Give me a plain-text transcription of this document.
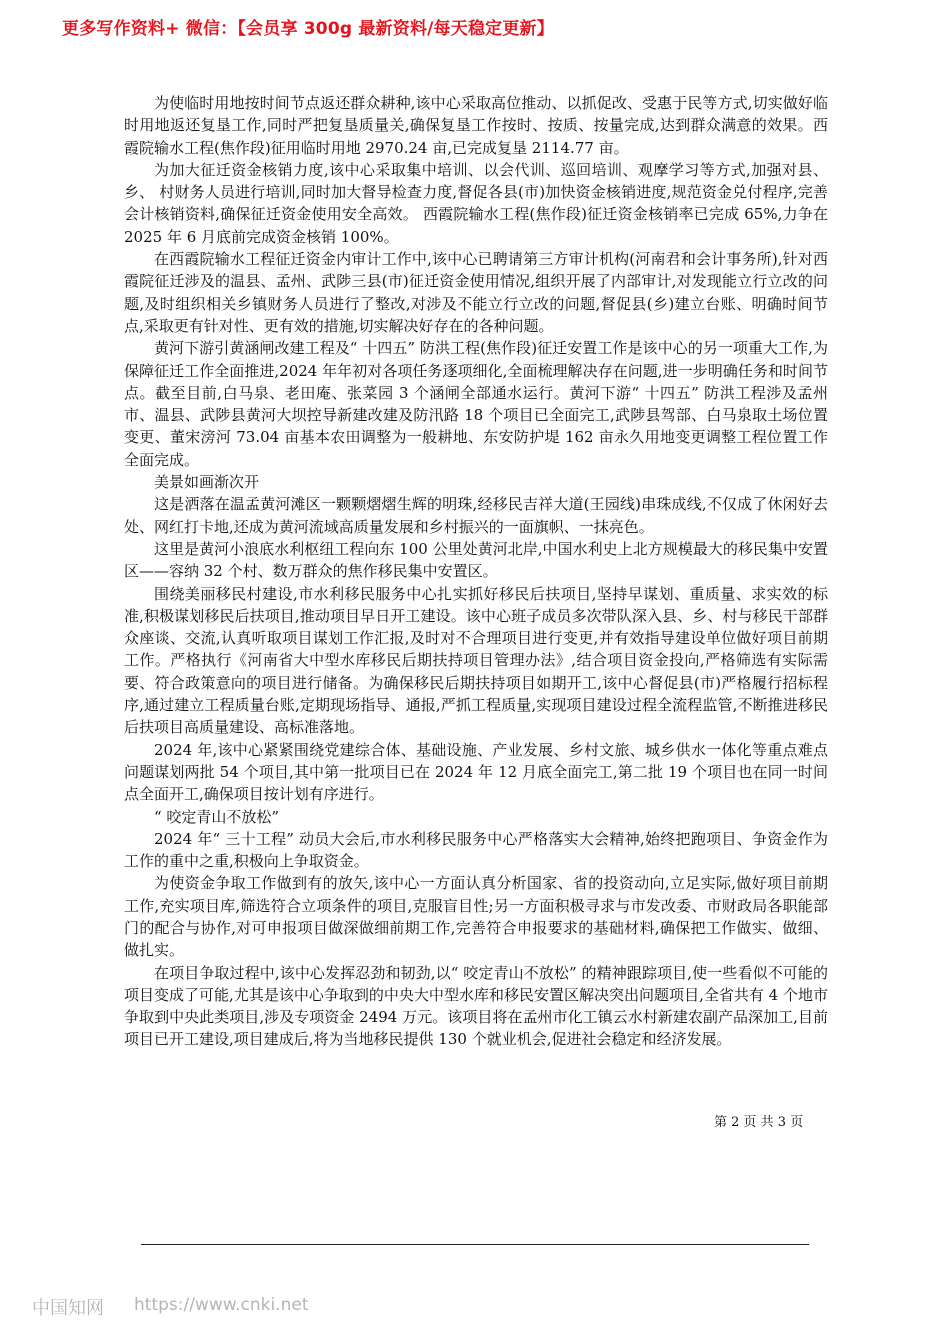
更多写作资料+ 微信：【会员享 300g 最新资料/每天稳定更新】

为使临时用地按时间节点返还群众耕种,该中心采取高位推动、以抓促改、受惠于民等方式,切实做好临时用地返还复垦工作,同时严把复垦质量关,确保复垦工作按时、按质、按量完成,达到群众满意的效果。西霞院输水工程(焦作段)征用临时用地 2970.24 亩,已完成复垦 2114.77 亩。

为加大征迁资金核销力度,该中心采取集中培训、以会代训、巡回培训、观摩学习等方式,加强对县、 乡、 村财务人员进行培训,同时加大督导检查力度,督促各县(市)加快资金核销进度,规范资金兑付程序,完善会计核销资料,确保征迁资金使用安全高效。 西霞院输水工程(焦作段)征迁资金核销率已完成 65%,力争在 2025 年 6 月底前完成资金核销 100%。

在西霞院输水工程征迁资金内审计工作中,该中心已聘请第三方审计机构(河南君和会计事务所),针对西霞院征迁涉及的温县、孟州、武陟三县(市)征迁资金使用情况,组织开展了内部审计,对发现能立行立改的问题,及时组织相关乡镇财务人员进行了整改,对涉及不能立行立改的问题,督促县(乡)建立台账、明确时间节点,采取更有针对性、更有效的措施,切实解决好存在的各种问题。

黄河下游引黄涵闸改建工程及“ 十四五” 防洪工程(焦作段)征迁安置工作是该中心的另一项重大工作,为保障征迁工作全面推进,2024 年年初对各项任务逐项细化,全面梳理解决存在问题,进一步明确任务和时间节点。截至目前,白马泉、老田庵、张菜园 3 个涵闸全部通水运行。黄河下游“ 十四五” 防洪工程涉及孟州市、温县、武陟县黄河大坝控导新建改建及防汛路 18 个项目已全面完工,武陟县驾部、白马泉取土场位置变更、董宋滂河 73.04 亩基本农田调整为一般耕地、东安防护堤 162 亩永久用地变更调整工程位置工作全面完成。

美景如画渐次开

这是洒落在温孟黄河滩区一颗颗熠熠生辉的明珠,经移民吉祥大道(王园线)串珠成线,不仅成了休闲好去处、网红打卡地,还成为黄河流域高质量发展和乡村振兴的一面旗帜、一抹亮色。

这里是黄河小浪底水利枢纽工程向东 100 公里处黄河北岸,中国水利史上北方规模最大的移民集中安置区——容纳 32 个村、数万群众的焦作移民集中安置区。

围绕美丽移民村建设,市水利移民服务中心扎实抓好移民后扶项目,坚持早谋划、重质量、求实效的标准,积极谋划移民后扶项目,推动项目早日开工建设。该中心班子成员多次带队深入县、乡、村与移民干部群众座谈、交流,认真听取项目谋划工作汇报,及时对不合理项目进行变更,并有效指导建设单位做好项目前期工作。严格执行《河南省大中型水库移民后期扶持项目管理办法》,结合项目资金投向,严格筛选有实际需要、符合政策意向的项目进行储备。为确保移民后期扶持项目如期开工,该中心督促县(市)严格履行招标程序,通过建立工程质量台账,定期现场指导、通报,严抓工程质量,实现项目建设过程全流程监管,不断推进移民后扶项目高质量建设、高标准落地。

2024 年,该中心紧紧围绕党建综合体、基础设施、产业发展、乡村文旅、城乡供水一体化等重点难点问题谋划两批 54 个项目,其中第一批项目已在 2024 年 12 月底全面完工,第二批 19 个项目也在同一时间点全面开工,确保项目按计划有序进行。

“ 咬定青山不放松”

2024 年“ 三十工程” 动员大会后,市水利移民服务中心严格落实大会精神,始终把跑项目、争资金作为工作的重中之重,积极向上争取资金。

为使资金争取工作做到有的放矢,该中心一方面认真分析国家、省的投资动向,立足实际,做好项目前期工作,充实项目库,筛选符合立项条件的项目,克服盲目性;另一方面积极寻求与市发改委、市财政局各职能部门的配合与协作,对可申报项目做深做细前期工作,完善符合申报要求的基础材料,确保把工作做实、做细、做扎实。

在项目争取过程中,该中心发挥忍劲和韧劲,以“ 咬定青山不放松” 的精神跟踪项目,使一些看似不可能的项目变成了可能,尤其是该中心争取到的中央大中型水库和移民安置区解决突出问题项目,全省共有 4 个地市争取到中央此类项目,涉及专项资金 2494 万元。该项目将在孟州市化工镇云水村新建农副产品深加工,目前项目已开工建设,项目建成后,将为当地移民提供 130 个就业机会,促进社会稳定和经济发展。

第 2 页 共 3 页
中国知网 https://www.cnki.net
